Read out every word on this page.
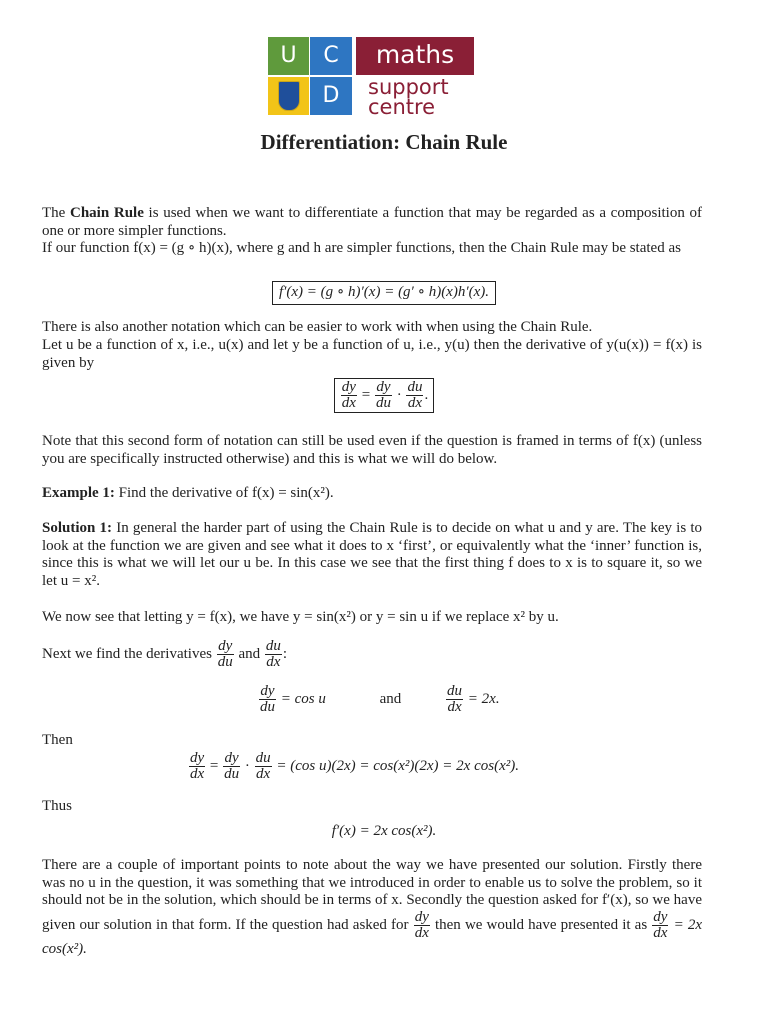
U	C
D
maths
support
centre
Differentiation: Chain Rule

The Chain Rule is used when we want to differentiate a function that may be regarded as a composition of one or more simpler functions.

If our function f(x) = (g ∘ h)(x), where g and h are simpler functions, then the Chain Rule may be stated as

f′(x) = (g ∘ h)′(x) = (g′ ∘ h)(x)h′(x).

There is also another notation which can be easier to work with when using the Chain Rule.

Let u be a function of x, i.e., u(x) and let y be a function of u, i.e., y(u) then the derivative of y(u(x)) = f(x) is given by

$\frac{dy}{dx} = \frac{dy}{du} \cdot \frac{du}{dx}$ .

Note that this second form of notation can still be used even if the question is framed in terms of f(x) (unless you are specifically instructed otherwise) and this is what we will do below.

Example 1: Find the derivative of f(x) = sin(x²).

Solution 1: In general the harder part of using the Chain Rule is to decide on what u and y are. The key is to look at the function we are given and see what it does to x ‘first’, or equivalently what the ‘inner’ function is, since this is what we will let our u be. In this case we see that the first thing f does to x is to square it, so we let u = x².

We now see that letting y = f(x), we have y = sin(x²) or y = sin u if we replace x² by u.

Next we find the derivatives $\frac{dy}{du}$ and $\frac{du}{dx}$ :

$\frac{dy}{du} = \cos u$	and	$\frac{du}{dx} = 2x$.

Then

$\frac{dy}{dx} = \frac{dy}{du} \cdot \frac{du}{dx} = (\cos$ u)(2x) = cos(x²)(2x) = 2x cos(x²).

Thus

f′(x) = 2x cos(x²).

There are a couple of important points to note about the way we have presented our solution. Firstly there was no u in the question, it was something that we introduced in order to enable us to solve the problem, so it should not be in the solution, which should be in terms of x. Secondly the question asked for f′(x), so we have given our solution in that form. If the question had asked for $\frac{dy}{dx}$ then we would have presented it as $\frac{dy}{dx} = 2x$ cos(x²).
